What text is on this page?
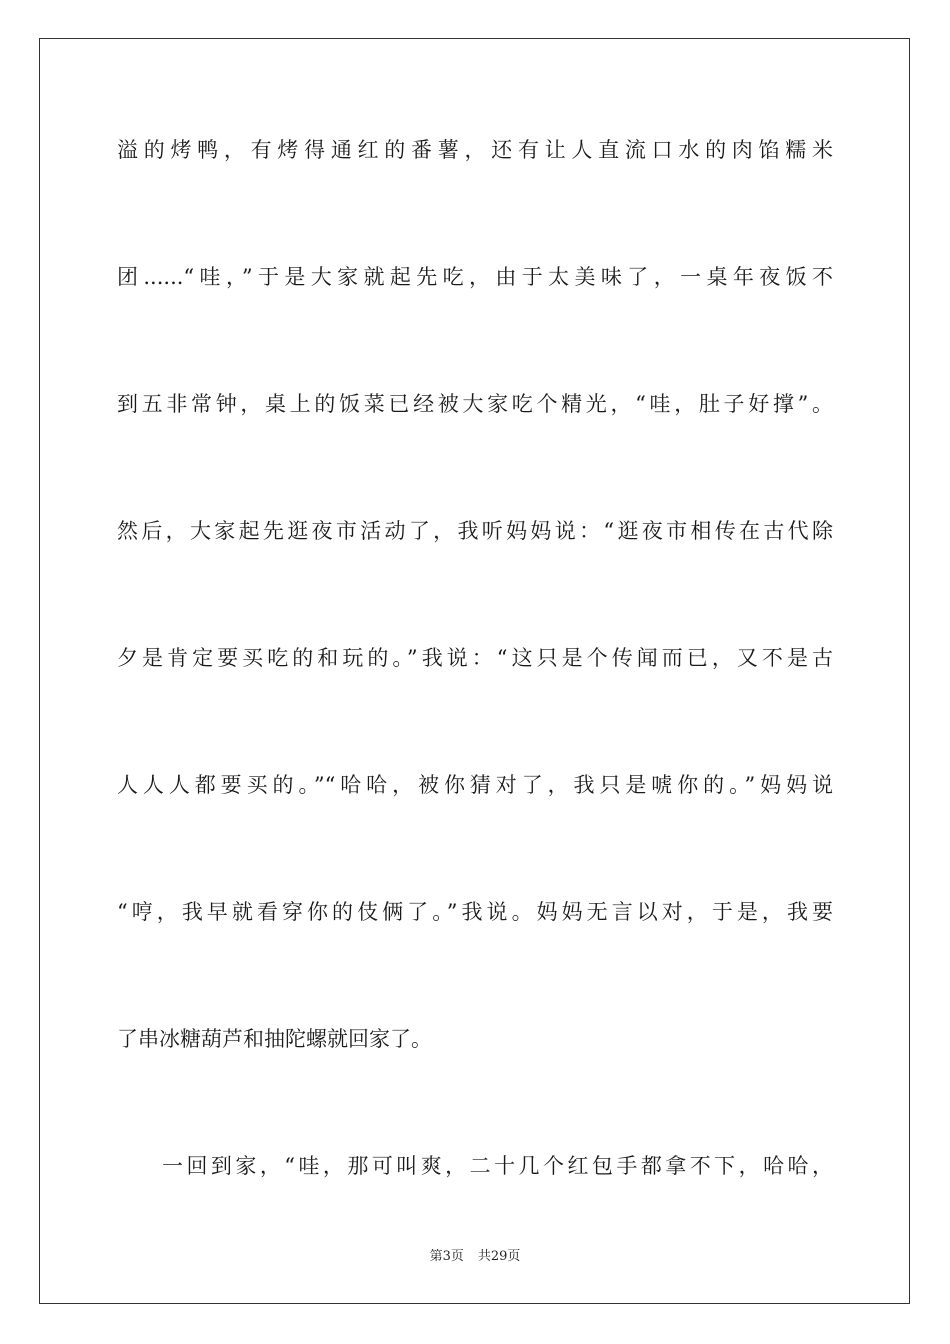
溢的烤鸭，有烤得通红的番薯，还有让人直流口水的肉馅糯米
团......“哇，”于是大家就起先吃，由于太美味了，一桌年夜饭不
到五非常钟，桌上的饭菜已经被大家吃个精光，“哇，肚子好撑”。
然后，大家起先逛夜市活动了，我听妈妈说：“逛夜市相传在古代除
夕是肯定要买吃的和玩的。”我说：“这只是个传闻而已，又不是古
人人人都要买的。”“哈哈，被你猜对了，我只是唬你的。”妈妈说
“哼，我早就看穿你的伎俩了。”我说。妈妈无言以对，于是，我要
了串冰糖葫芦和抽陀螺就回家了。
一回到家，“哇，那可叫爽，二十几个红包手都拿不下，哈哈，
第3页 共29页
